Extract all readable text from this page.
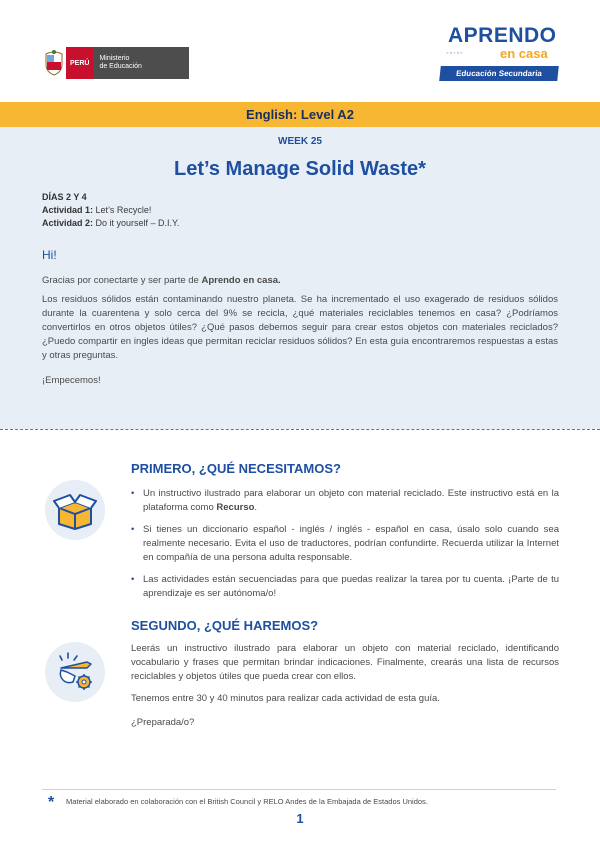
PERÚ
Ministerio
de Educación
APRENDO
◦▫◦▫◦	en casa
Educación Secundaria
English: Level A2
WEEK 25
Let’s Manage Solid Waste*
DÍAS 2 Y 4
Actividad 1: Let’s Recycle!
Actividad 2: Do it yourself – D.I.Y.
Hi!
Gracias por conectarte y ser parte de Aprendo en casa.
Los residuos sólidos están contaminando nuestro planeta. Se ha incrementado el uso exagerado de residuos sólidos durante la cuarentena y solo cerca del 9% se recicla, ¿qué materiales reciclables tenemos en casa? ¿Podríamos convertirlos en otros objetos útiles? ¿Qué pasos debemos seguir para crear estos objetos con materiales reciclados? ¿Puedo compartir en ingles ideas que permitan reciclar residuos sólidos? En esta guía encontraremos respuestas a estas y otras preguntas.
¡Empecemos!
PRIMERO, ¿QUÉ NECESITAMOS?
• Un instructivo ilustrado para elaborar un objeto con material reciclado. Este instructivo está en la plataforma como Recurso.
• Si tienes un diccionario español - inglés / inglés - español en casa, úsalo solo cuando sea realmente necesario. Evita el uso de traductores, podrían confundirte. Recuerda utilizar la Internet en compañía de una persona adulta responsable.
• Las actividades están secuenciadas para que puedas realizar la tarea por tu cuenta. ¡Parte de tu aprendizaje es ser autónoma/o!
SEGUNDO, ¿QUÉ HAREMOS?
Leerás un instructivo ilustrado para elaborar un objeto con material reciclado, identificando vocabulario y frases que permitan brindar indicaciones. Finalmente, crearás una lista de recursos reciclables y objetos útiles que pueda crear con ellos.
Tenemos entre 30 y 40 minutos para realizar cada actividad de esta guía.
¿Preparada/o?
* Material elaborado en colaboración con el British Council y RELO Andes de la Embajada de Estados Unidos.
1
